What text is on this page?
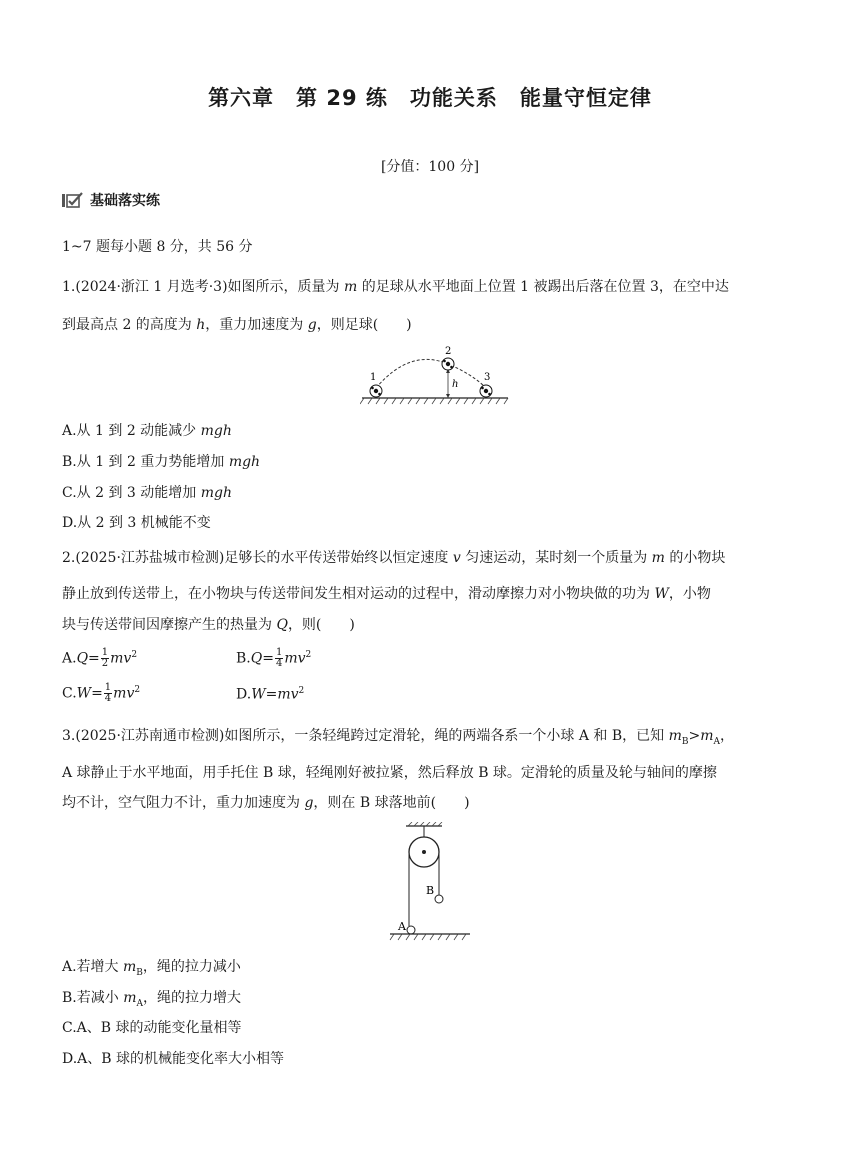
第六章　第 29 练　功能关系　能量守恒定律
[分值：100 分]
基础落实练
1~7 题每小题 8 分，共 56 分
1.(2024·浙江 1 月选考·3)如图所示，质量为 m 的足球从水平地面上位置 1 被踢出后落在位置 3，在空中达
到最高点 2 的高度为 h，重力加速度为 g，则足球(　　)
1
2
3
h
A.从 1 到 2 动能减少 mgh
B.从 1 到 2 重力势能增加 mgh
C.从 2 到 3 动能增加 mgh
D.从 2 到 3 机械能不变
2.(2025·江苏盐城市检测)足够长的水平传送带始终以恒定速度 v 匀速运动，某时刻一个质量为 m 的小物块
静止放到传送带上，在小物块与传送带间发生相对运动的过程中，滑动摩擦力对小物块做的功为 W，小物
块与传送带间因摩擦产生的热量为 Q，则(　　)
$A.Q= \frac{1}{2} mv^2$	$B.Q= \frac{1}{4} mv^2$
$C.W= \frac{1}{4} mv^2$	$D.W=mv^2$
3.(2025·江苏南通市检测)如图所示，一条轻绳跨过定滑轮，绳的两端各系一个小球 A 和 B，已知 $m_B>m_A$，
A 球静止于水平地面，用手托住 B 球，轻绳刚好被拉紧，然后释放 B 球。定滑轮的质量及轮与轴间的摩擦
均不计，空气阻力不计，重力加速度为 g，则在 B 球落地前(　　)
B
A
A.若增大 $m_B$，绳的拉力减小
B.若减小 $m_A$，绳的拉力增大
C.A、B 球的动能变化量相等
D.A、B 球的机械能变化率大小相等
